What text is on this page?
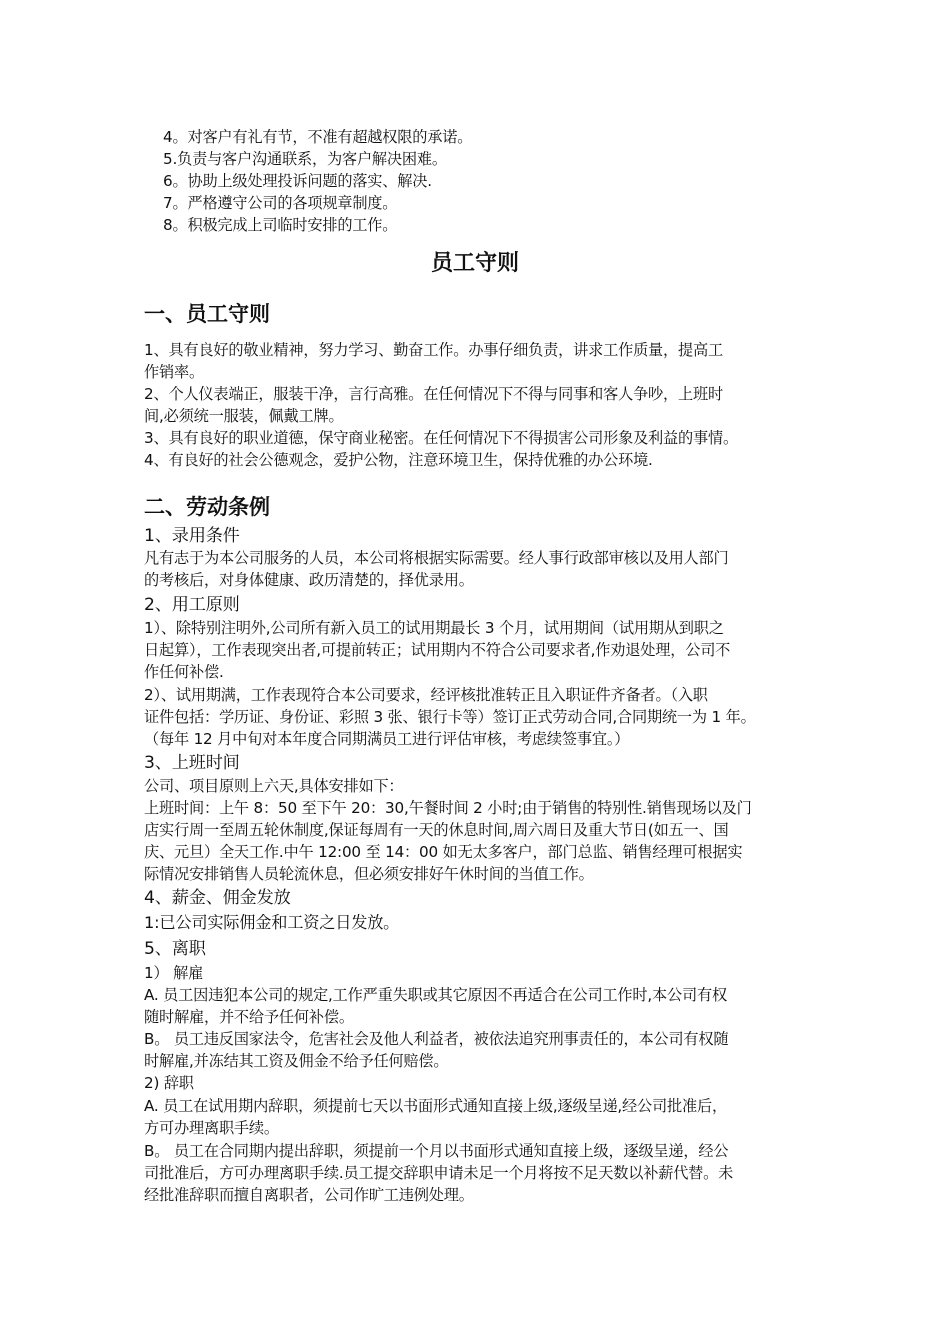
4。对客户有礼有节，不准有超越权限的承诺。

5.负责与客户沟通联系，为客户解决困难。

6。协助上级处理投诉问题的落实、解决.

7。严格遵守公司的各项规章制度。

8。积极完成上司临时安排的工作。

员工守则
一、员工守则

1、具有良好的敬业精神，努力学习、勤奋工作。办事仔细负责，讲求工作质量，提高工

作销率。

2、个人仪表端正，服装干净，言行高雅。在任何情况下不得与同事和客人争吵，上班时

间,必须统一服装，佩戴工牌。

3、具有良好的职业道德，保守商业秘密。在任何情况下不得损害公司形象及利益的事情。

4、有良好的社会公德观念，爱护公物，注意环境卫生，保持优雅的办公环境.

二、劳动条例

1、录用条件

凡有志于为本公司服务的人员，本公司将根据实际需要。经人事行政部审核以及用人部门

的考核后，对身体健康、政历清楚的，择优录用。

2、用工原则

1）、除特别注明外,公司所有新入员工的试用期最长 3 个月，试用期间（试用期从到职之

日起算），工作表现突出者,可提前转正；试用期内不符合公司要求者,作劝退处理，公司不

作任何补偿.

2）、试用期满，工作表现符合本公司要求，经评核批准转正且入职证件齐备者。（入职

证件包括：学历证、身份证、彩照 3 张、银行卡等）签订正式劳动合同,合同期统一为 1 年。

（每年 12 月中旬对本年度合同期满员工进行评估审核，考虑续签事宜。）

3、上班时间

公司、项目原则上六天,具体安排如下：

上班时间：上午 8：50 至下午 20：30,午餐时间 2 小时;由于销售的特别性.销售现场以及门

店实行周一至周五轮休制度,保证每周有一天的休息时间,周六周日及重大节日(如五一、国

庆、元旦）全天工作.中午 12:00 至 14：00 如无太多客户，部门总监、销售经理可根据实

际情况安排销售人员轮流休息，但必须安排好午休时间的当值工作。

4、薪金、佣金发放

1:已公司实际佣金和工资之日发放。

5、离职

1） 解雇

A. 员工因违犯本公司的规定,工作严重失职或其它原因不再适合在公司工作时,本公司有权

随时解雇，并不给予任何补偿。

B。 员工违反国家法令，危害社会及他人利益者，被依法追究刑事责任的，本公司有权随

时解雇,并冻结其工资及佣金不给予任何赔偿。

2) 辞职

A. 员工在试用期内辞职，须提前七天以书面形式通知直接上级,逐级呈递,经公司批准后，

方可办理离职手续。

B。 员工在合同期内提出辞职，须提前一个月以书面形式通知直接上级，逐级呈递，经公

司批准后，方可办理离职手续.员工提交辞职申请未足一个月将按不足天数以补薪代替。未

经批准辞职而擅自离职者，公司作旷工违例处理。
